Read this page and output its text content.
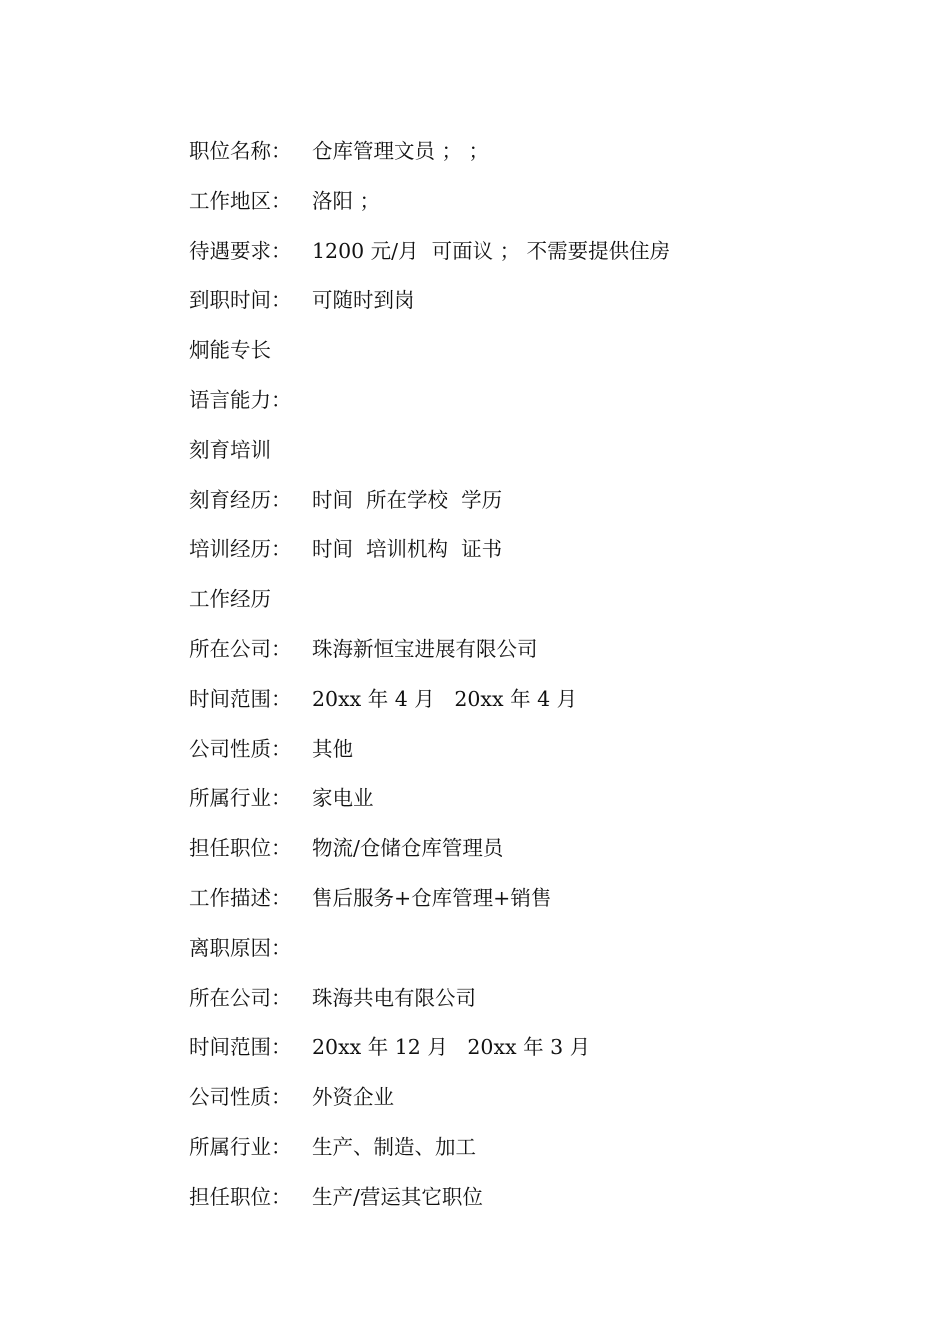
职位名称：	仓库管理文员 ； ；
工作地区：	洛阳 ；
待遇要求：	1200 元/月  可面议 ； 不需要提供住房
到职时间：	可随时到岗
炯能专长
语言能力：
刻育培训
刻育经历：	时间  所在学校  学历
培训经历：	时间  培训机构  证书
工作经历
所在公司：	珠海新恒宝进展有限公司
时间范围：	20xx 年 4 月   20xx 年 4 月
公司性质：	其他
所属行业：	家电业
担任职位：	物流/仓储仓库管理员
工作描述：	售后服务+仓库管理+销售
离职原因：
所在公司：	珠海共电有限公司
时间范围：	20xx 年 12 月   20xx 年 3 月
公司性质：	外资企业
所属行业：	生产、制造、加工
担任职位：	生产/营运其它职位
